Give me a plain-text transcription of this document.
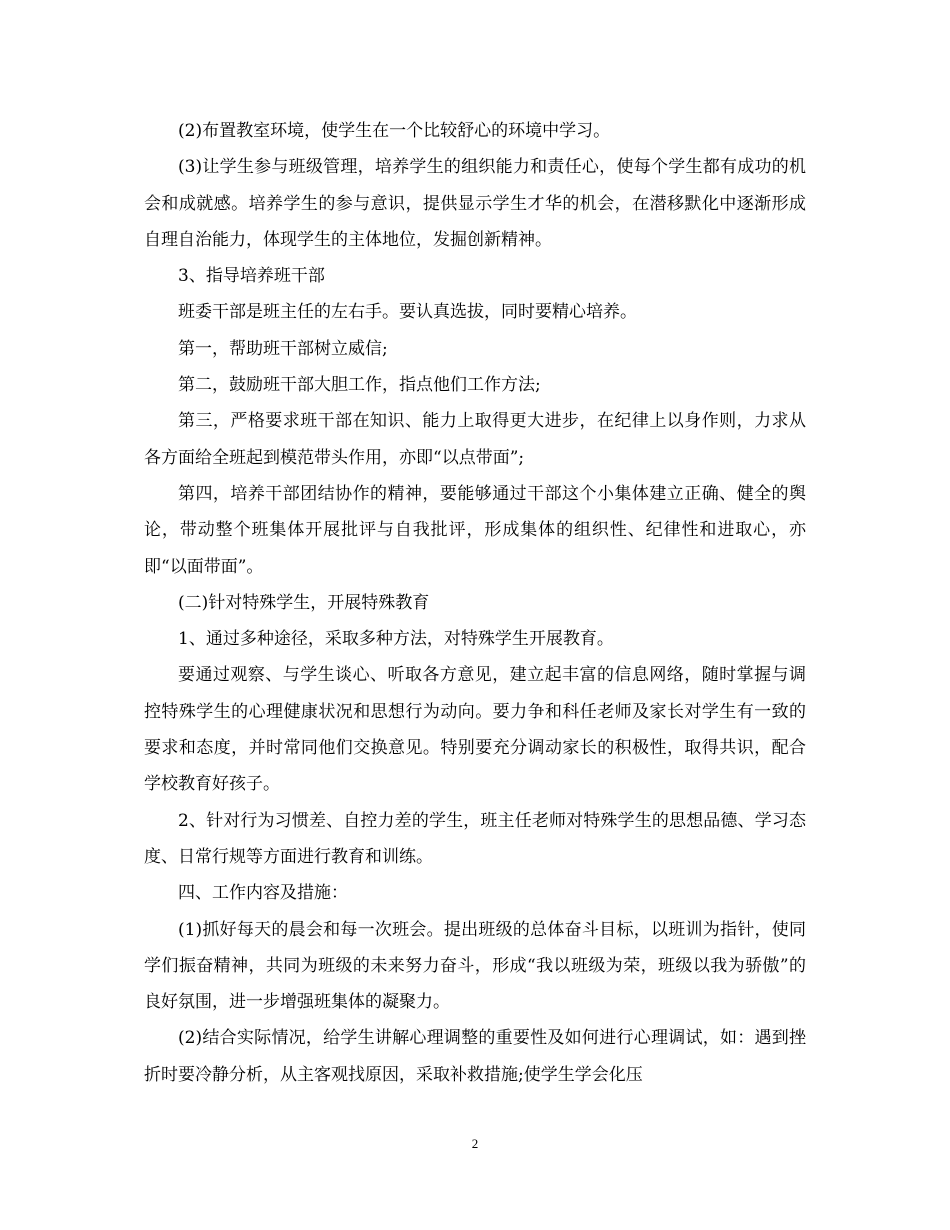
(2)布置教室环境，使学生在一个比较舒心的环境中学习。

(3)让学生参与班级管理，培养学生的组织能力和责任心，使每个学生都有成功的机会和成就感。培养学生的参与意识，提供显示学生才华的机会，在潜移默化中逐渐形成自理自治能力，体现学生的主体地位，发掘创新精神。

3、指导培养班干部

班委干部是班主任的左右手。要认真选拔，同时要精心培养。

第一，帮助班干部树立威信;

第二，鼓励班干部大胆工作，指点他们工作方法;

第三，严格要求班干部在知识、能力上取得更大进步，在纪律上以身作则，力求从各方面给全班起到模范带头作用，亦即“以点带面”;

第四，培养干部团结协作的精神，要能够通过干部这个小集体建立正确、健全的舆论，带动整个班集体开展批评与自我批评，形成集体的组织性、纪律性和进取心，亦即“以面带面”。

(二)针对特殊学生，开展特殊教育

1、通过多种途径，采取多种方法，对特殊学生开展教育。

要通过观察、与学生谈心、听取各方意见，建立起丰富的信息网络，随时掌握与调控特殊学生的心理健康状况和思想行为动向。要力争和科任老师及家长对学生有一致的要求和态度，并时常同他们交换意见。特别要充分调动家长的积极性，取得共识，配合学校教育好孩子。

2、针对行为习惯差、自控力差的学生，班主任老师对特殊学生的思想品德、学习态度、日常行规等方面进行教育和训练。

四、工作内容及措施：

(1)抓好每天的晨会和每一次班会。提出班级的总体奋斗目标，以班训为指针，使同学们振奋精神，共同为班级的未来努力奋斗，形成“我以班级为荣，班级以我为骄傲”的良好氛围，进一步增强班集体的凝聚力。

(2)结合实际情况，给学生讲解心理调整的重要性及如何进行心理调试，如：遇到挫折时要冷静分析，从主客观找原因，采取补救措施;使学生学会化压

2
